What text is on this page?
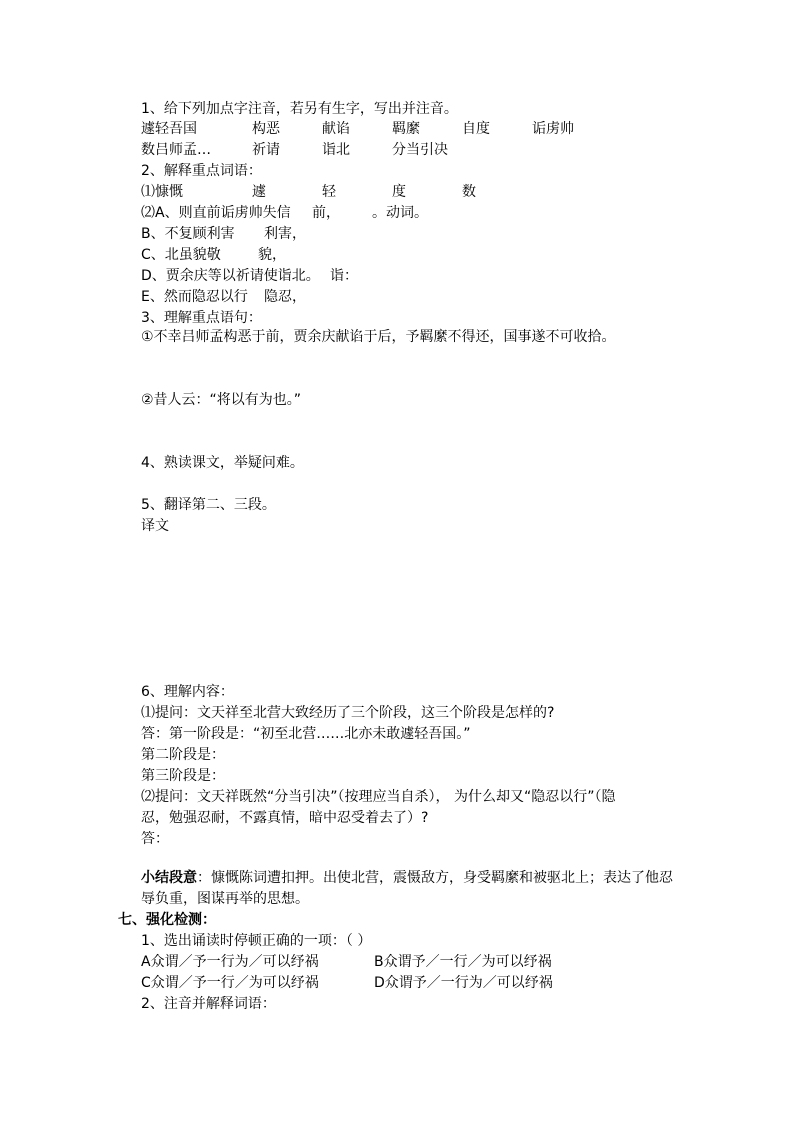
1、给下列加点字注音，若另有生字，写出并注音。
遽轻吾国	构恶	献谄	羁縻	自度	诟虏帅
数吕师孟…	祈请	诣北	分当引决
2、解释重点词语：
⑴慷慨	遽	轻	度	数
⑵A、则直前诟虏帅失信 前， 。动词。
B、不复顾利害 利害，
C、北虽貌敬	貌，
D、贾余庆等以祈请使诣北。 诣：
E、然而隐忍以行 隐忍，
3、理解重点语句：
①不幸吕师孟构恶于前，贾余庆献谄于后，予羁縻不得还，国事遂不可收拾。
②昔人云：“将以有为也。”
4、熟读课文，举疑问难。
5、翻译第二、三段。
译文
6、理解内容：
⑴提问：文天祥至北营大致经历了三个阶段，这三个阶段是怎样的?
答：第一阶段是：“初至北营……北亦未敢遽轻吾国。”
第二阶段是：
第三阶段是：
⑵提问：文天祥既然“分当引决”（按理应当自杀）， 为什么却又“隐忍以行”（隐
忍，勉强忍耐，不露真情，暗中忍受着去了）?
答：
小结段意：慷慨陈词遭扣押。出使北营，震慑敌方，身受羁縻和被驱北上；表达了他忍
辱负重，图谋再举的思想。
七、强化检测：
1、选出诵读时停顿正确的一项：（ ）
A众谓／予一行为／可以纾祸	B众谓予／一行／为可以纾祸
C众谓／予一行／为可以纾祸	D众谓予／一行为／可以纾祸
2、注音并解释词语：
